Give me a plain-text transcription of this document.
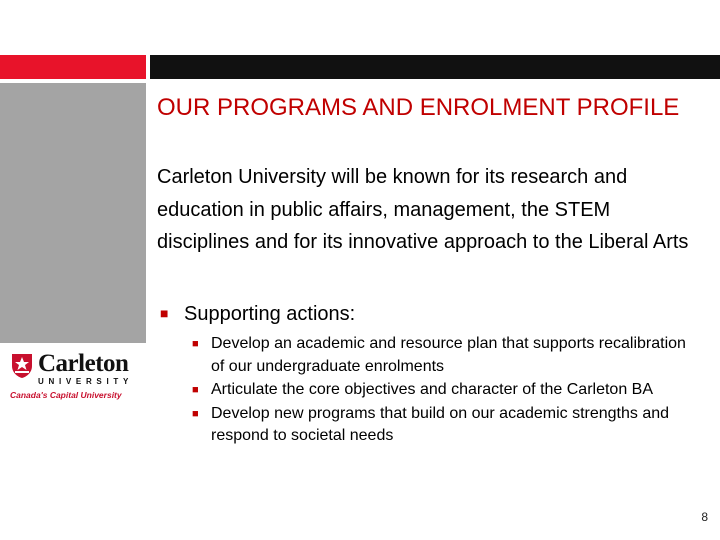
Carleton
UNIVERSITY
Canada's Capital University
OUR PROGRAMS AND ENROLMENT PROFILE

Carleton University will be known for its research and education in public affairs, management, the STEM disciplines and for its innovative approach to the Liberal Arts

■ Supporting actions:
■ Develop an academic and resource plan that supports recalibration of our undergraduate enrolments
■ Articulate the core objectives and character of the Carleton BA
■ Develop new programs that build on our academic strengths and respond to societal needs
8
